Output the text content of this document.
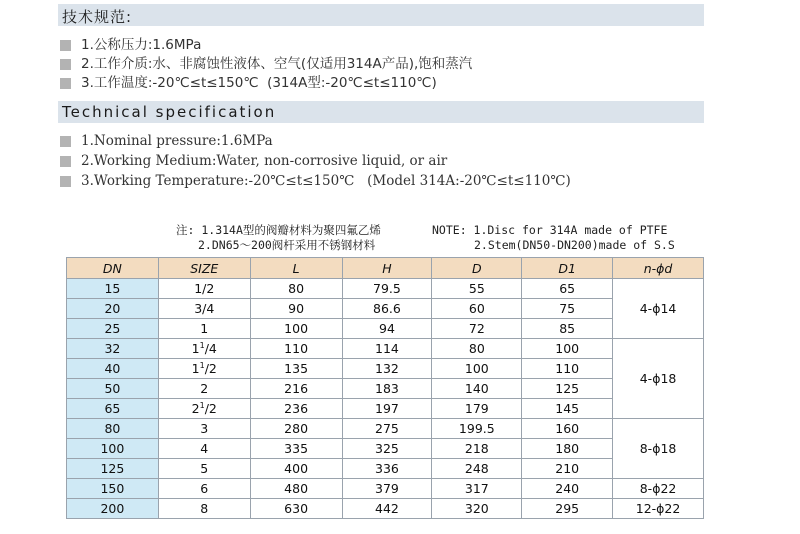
技术规范:
1.公称压力:1.6MPa
2.工作介质:水、非腐蚀性液体、空气(仅适用314A产品),饱和蒸汽
3.工作温度:-20℃≤t≤150℃  (314A型:-20℃≤t≤110℃)
Technical specification
1.Nominal pressure:1.6MPa
2.Working Medium:Water, non-corrosive liquid, or air
3.Working Temperature:-20℃≤t≤150℃   (Model 314A:-20℃≤t≤110℃)
注: 1.314A型的阀瓣材料为聚四氟乙烯	NOTE: 1.Disc for 314A made of PTFE
2.DN65～200阀杆采用不锈钢材料	2.Stem(DN50-DN200)made of S.S
DN	SIZE	L	H	D	D1	n-ϕd
15	1/2	80	79.5	55	65	4-ϕ14
20	3/4	90	86.6	60	75	
25	1	100	94	72	85	
32	$1^1/4$	110	114	80	100	4-ϕ18
40	$1^1/2$	135	132	100	110	
50	2	216	183	140	125	
65	$2^1/2$	236	197	179	145	
80	3	280	275	199.5	160	8-ϕ18
100	4	335	325	218	180	
125	5	400	336	248	210	
150	6	480	379	317	240	8-ϕ22
200	8	630	442	320	295	12-ϕ22
